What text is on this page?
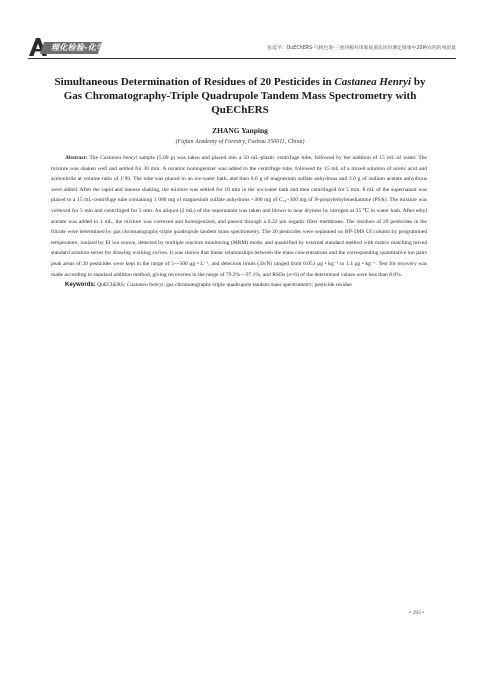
理化检验-化学分册	张延平：QuEChERS-气相色谱-三重四极杆串联质谱法同时测定锥栗中20种农药的残留量
Simultaneous Determination of Residues of 20 Pesticides in Castanea Henryi by Gas Chromatography-Triple Quadrupole Tandem Mass Spectrometry with QuEChERS
ZHANG Yanping
(Fujian Academy of Forestry, Fuzhou 350011, China)

Abstract: The Castanea henryi sample (5.00 g) was taken and placed into a 50 mL-plastic centrifuge tube, followed by the addition of 15 mL of water. The mixture was shaken well and settled for 30 min. A ceramic homogenizer was added to the centrifuge tube, followed by 15 mL of a mixed solution of acetic acid and acetonitrile at volume ratio of 1∶99. The tube was placed in an ice-water bath, and then 6.0 g of magnesium sulfate anhydrous and 2.0 g of sodium acetate anhydrous were added. After the rapid and intense shaking, the mixture was settled for 10 min in the ice-water bath and then centrifuged for 5 min. 8 mL of the supernatant was placed to a 15 mL-centrifuge tube containing 1 000 mg of magnesium sulfate anhydrous +300 mg of C₁₈+300 mg of N-propylethylenediamine (PSA). The mixture was vortexed for 5 min and centrifuged for 5 min. An aliquot (2 mL) of the supernatant was taken and blown to near dryness by nitrogen at 35 ℃ in water bath. After ethyl acetate was added to 1 mL, the mixture was vortexed and homogenized, and passed through a 0.22 μm organic filter membrane. The residues of 20 pesticides in the filtrate were determined by gas chromatography-triple quadrupole tandem mass spectrometry. The 20 pesticides were separated on HP-5MS UI column by programmed temperature, ionized by EI ion source, detected by multiple reaction monitoring (MRM) mode, and quantified by external standard method with matrix matching mixed standard solution series for drawing working curves. It was shown that linear relationships between the mass concentrations and the corresponding quantitative ion pairs peak areas of 20 pesticides were kept in the range of 5—500 μg • L⁻¹, and detection limits (3S/N) ranged from 0.051 μg • kg⁻¹ to 1.4 μg • kg⁻¹. Test for recovery was made according to standard addition method, giving recoveries in the range of 79.2%—97.1%, and RSDs (n=6) of the determined values were less than 8.0%.

Keywords: QuEChERS; Castanea henryi; gas chromatography-triple quadrupole tandem mass spectrometry; pesticide residue

• 293 •
